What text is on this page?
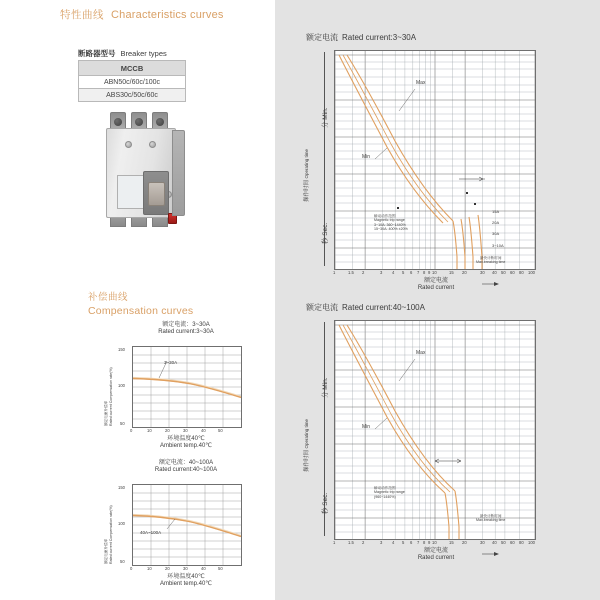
特性曲线 Characteristics curves
断路器型号 Breaker types
MCCB
ABN50c/60c/100c
ABS30c/50c/60c
补偿曲线
Compensation curves
额定电流：3~30A
Rated current:3~30A
3~30A
150
100
50
0	10	20	30	40	50
环境温度40℃
Ambient temp.40℃
额定电流补偿率
Rated current Compensation rate(%)
额定电流：40~100A
Rated current:40~100A
40A~100A
150
100
50
0	10	20	30	40	50
环境温度40℃
Ambient temp.40℃
额定电流补偿率
Rated current Compensation rate(%)
额定电流 Rated current:3~30A
Max
Min
瞬动动作范围
Magnetic trip range
3~10A: 360~1440%
15~30A: 400% ±20%
15A
20A
30A
3~10A
最快计断时间
Max.breaking time
分 Min.
秒 Sec.
操作时间 Operating time
1	1.5 2	3 4 5 6 7 8 9 10	15 20	30 40 50 60 80 100
额定电流
Rated current
额定电流 Rated current:40~100A
Max
Min
瞬动动作范围
Magnetic trip range
(960~1440%)
最快计断时间
Max.breaking time
分 Min.
秒 Sec.
操作时间 Operating time
1	1.5 2	3 4 5 6 7 8 9 10	15 20	30 40 50 60 80 100
额定电流
Rated current
